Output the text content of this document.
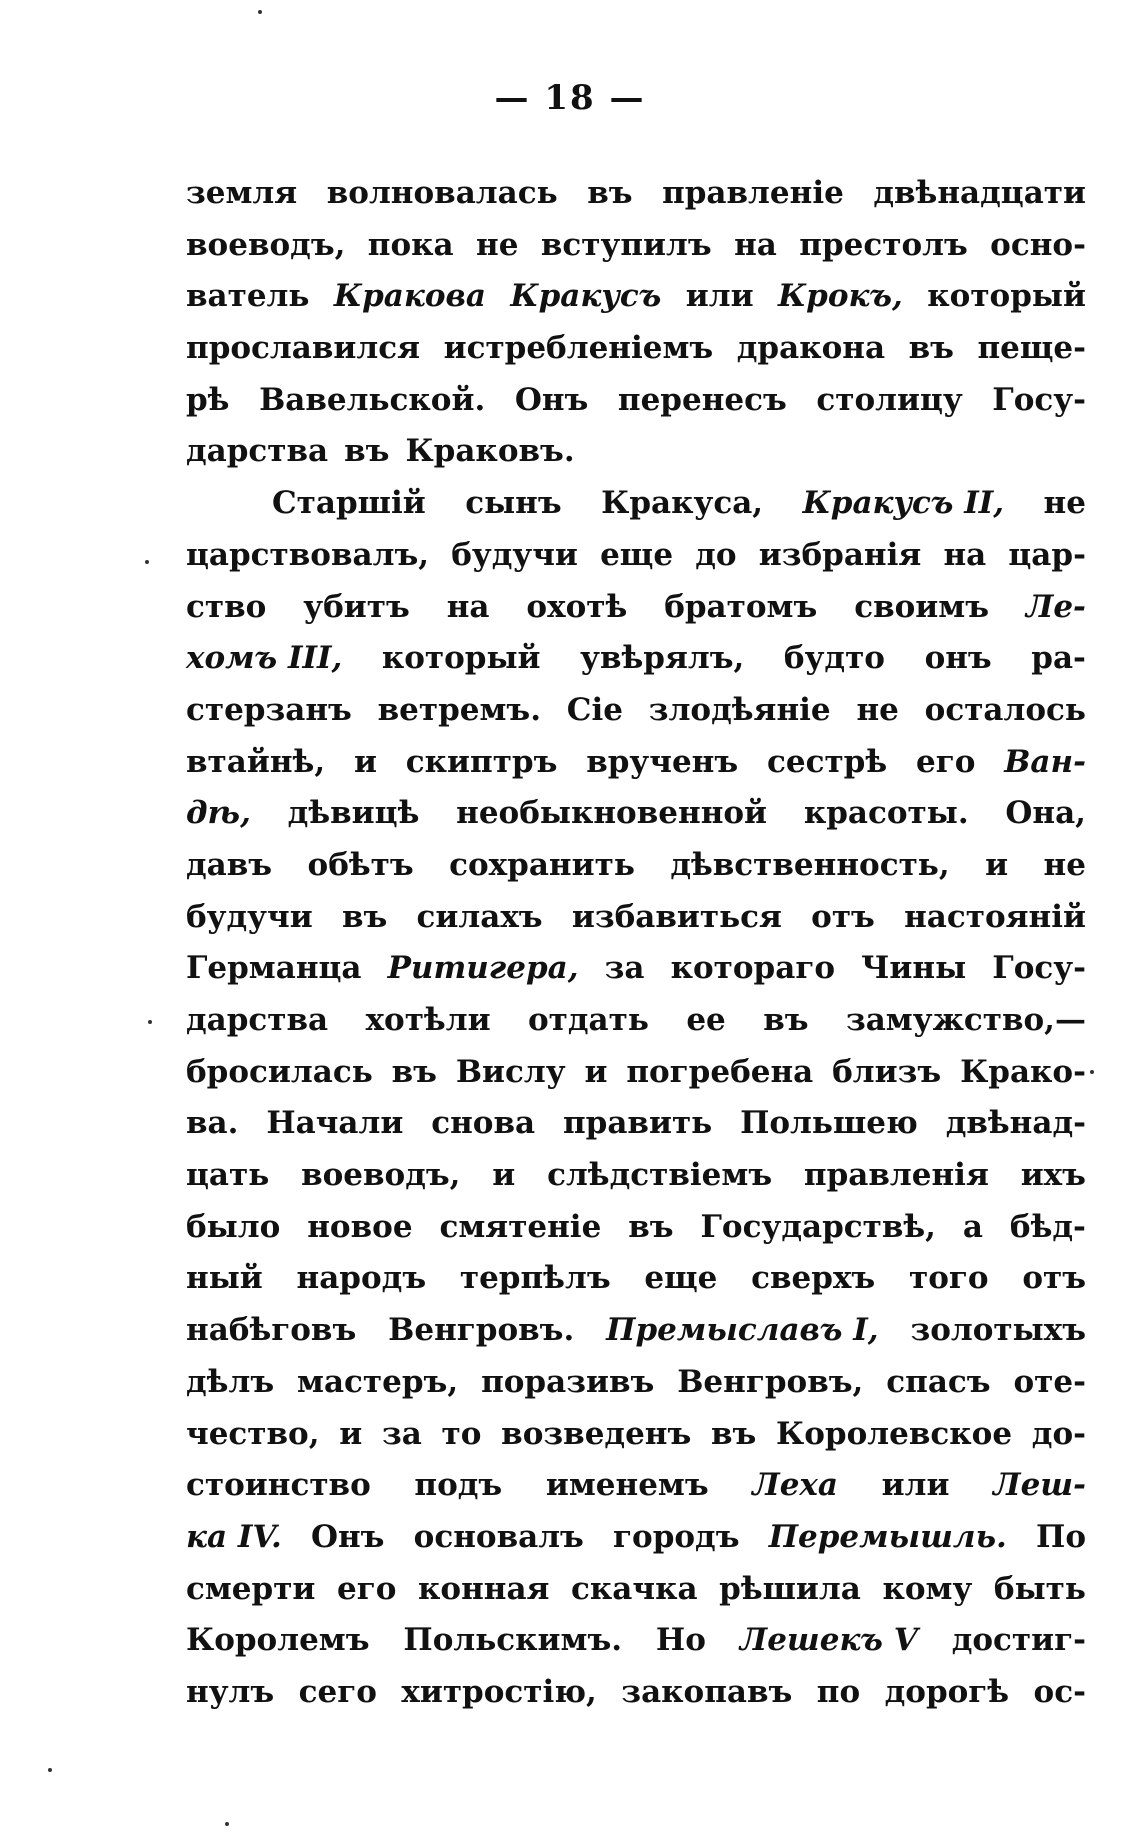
— 18 —
земля волновалась въ правленіе двѣнадцати
воеводъ, пока не вступилъ на престолъ осно-
ватель Кракова Кракусъ или Крокъ, который
прославился истребленіемъ дракона въ пеще-
рѣ Вавельской. Онъ перенесъ столицу Госу-
дарства въ Краковъ.
Старшій сынъ Кракуса, Кракусъ II, не
царствовалъ, будучи еще до избранія на цар-
ство убитъ на охотѣ братомъ своимъ Ле-
хомъ III, который увѣрялъ, будто онъ ра-
стерзанъ ветремъ. Сіе злодѣяніе не осталось
втайнѣ, и скиптръ врученъ сестрѣ его Ван-
дѣ, дѣвицѣ необыкновенной красоты. Она,
давъ обѣтъ сохранить дѣвственность, и не
будучи въ силахъ избавиться отъ настояній
Германца Ритигера, за котораго Чины Госу-
дарства хотѣли отдать ее въ замужство,—
бросилась въ Вислу и погребена близъ Крако-
ва. Начали снова править Польшею двѣнад-
цать воеводъ, и слѣдствіемъ правленія ихъ
было новое смятеніе въ Государствѣ, а бѣд-
ный народъ терпѣлъ еще сверхъ того отъ
набѣговъ Венгровъ. Премыславъ I, золотыхъ
дѣлъ мастеръ, поразивъ Венгровъ, спасъ оте-
чество, и за то возведенъ въ Королевское до-
стоинство подъ именемъ Леха или Леш-
ка IV. Онъ основалъ городъ Перемышль. По
смерти его конная скачка рѣшила кому быть
Королемъ Польскимъ. Но Лешекъ V достиг-
нулъ сего хитростію, закопавъ по дорогѣ ос-
